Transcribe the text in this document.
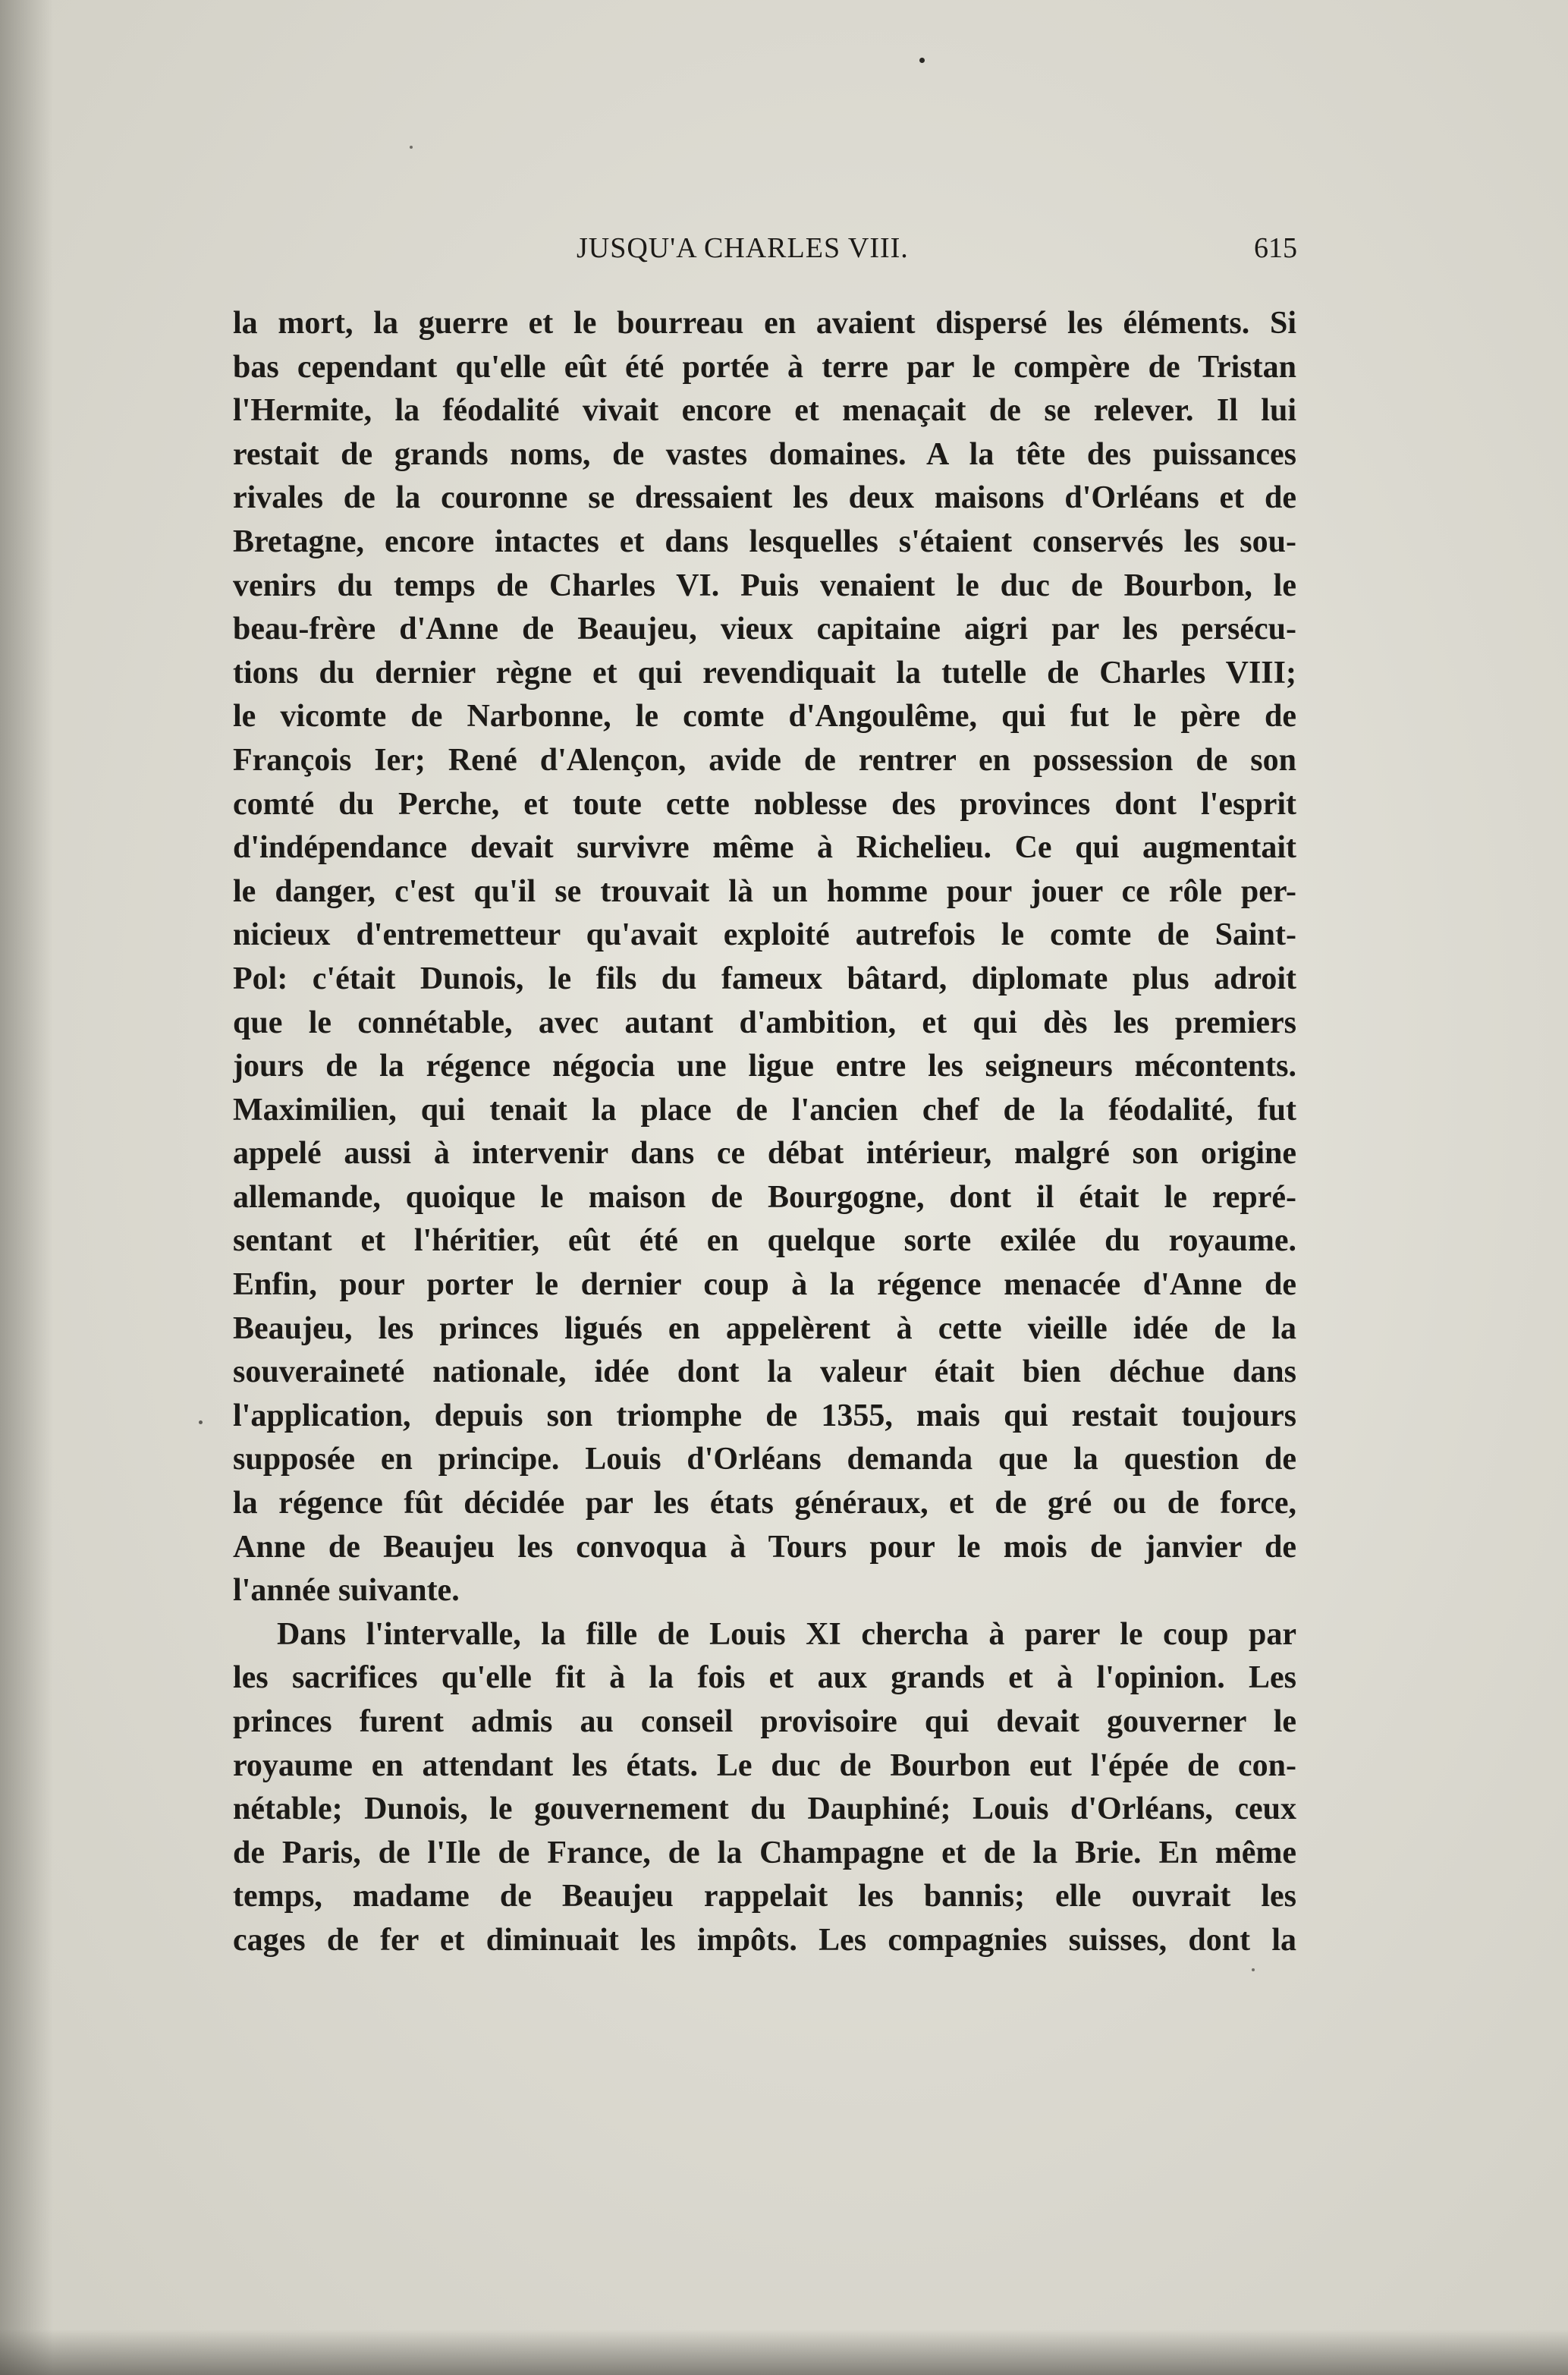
JUSQU'A CHARLES VIII.	615
la mort, la guerre et le bourreau en avaient dispersé les éléments. Si
bas cependant qu'elle eût été portée à terre par le compère de Tristan
l'Hermite, la féodalité vivait encore et menaçait de se relever. Il lui
restait de grands noms, de vastes domaines. A la tête des puissances
rivales de la couronne se dressaient les deux maisons d'Orléans et de
Bretagne, encore intactes et dans lesquelles s'étaient conservés les sou-
venirs du temps de Charles VI. Puis venaient le duc de Bourbon, le
beau-frère d'Anne de Beaujeu, vieux capitaine aigri par les persécu-
tions du dernier règne et qui revendiquait la tutelle de Charles VIII;
le vicomte de Narbonne, le comte d'Angoulême, qui fut le père de
François Ier; René d'Alençon, avide de rentrer en possession de son
comté du Perche, et toute cette noblesse des provinces dont l'esprit
d'indépendance devait survivre même à Richelieu. Ce qui augmentait
le danger, c'est qu'il se trouvait là un homme pour jouer ce rôle per-
nicieux d'entremetteur qu'avait exploité autrefois le comte de Saint-
Pol: c'était Dunois, le fils du fameux bâtard, diplomate plus adroit
que le connétable, avec autant d'ambition, et qui dès les premiers
jours de la régence négocia une ligue entre les seigneurs mécontents.
Maximilien, qui tenait la place de l'ancien chef de la féodalité, fut
appelé aussi à intervenir dans ce débat intérieur, malgré son origine
allemande, quoique le maison de Bourgogne, dont il était le repré-
sentant et l'héritier, eût été en quelque sorte exilée du royaume.
Enfin, pour porter le dernier coup à la régence menacée d'Anne de
Beaujeu, les princes ligués en appelèrent à cette vieille idée de la
souveraineté nationale, idée dont la valeur était bien déchue dans
l'application, depuis son triomphe de 1355, mais qui restait toujours
supposée en principe. Louis d'Orléans demanda que la question de
la régence fût décidée par les états généraux, et de gré ou de force,
Anne de Beaujeu les convoqua à Tours pour le mois de janvier de
l'année suivante.
Dans l'intervalle, la fille de Louis XI chercha à parer le coup par
les sacrifices qu'elle fit à la fois et aux grands et à l'opinion. Les
princes furent admis au conseil provisoire qui devait gouverner le
royaume en attendant les états. Le duc de Bourbon eut l'épée de con-
nétable; Dunois, le gouvernement du Dauphiné; Louis d'Orléans, ceux
de Paris, de l'Ile de France, de la Champagne et de la Brie. En même
temps, madame de Beaujeu rappelait les bannis; elle ouvrait les
cages de fer et diminuait les impôts. Les compagnies suisses, dont la
